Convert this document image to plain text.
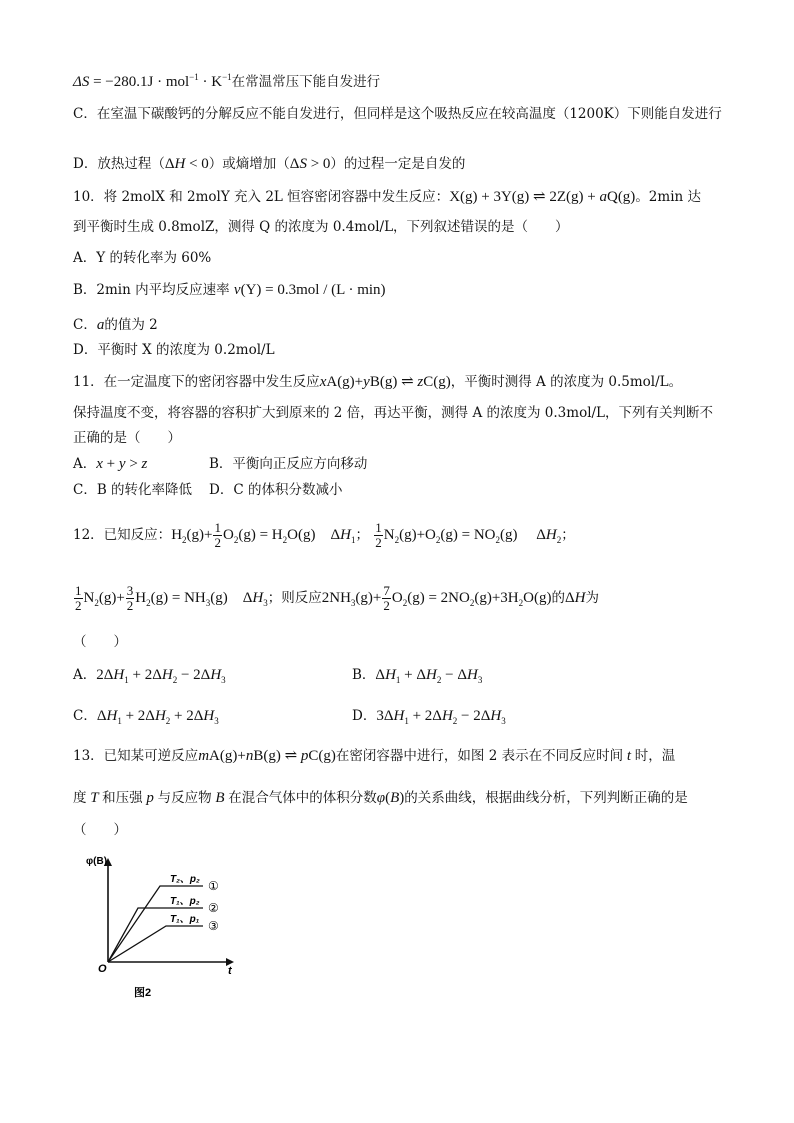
$\Delta S = -280.1J \cdot mol^{-1} \cdot K^{-1}$在常温常压下能自发进行
C．在室温下碳酸钙的分解反应不能自发进行，但同样是这个吸热反应在较高温度（1200K）下则能自发进行
D．放热过程（ΔH < 0）或熵增加（ΔS > 0）的过程一定是自发的
10．将 2molX 和 2molY 充入 2L 恒容密闭容器中发生反应：X(g) + 3Y(g) ⇌ 2Z(g) + aQ(g)。2min 达
到平衡时生成 0.8molZ，测得 Q 的浓度为 0.4mol/L，下列叙述错误的是（　　）
A．Y 的转化率为 60%
B．2min 内平均反应速率 v(Y) = 0.3mol / (L · min)
C．a的值为 2
D．平衡时 X 的浓度为 0.2mol/L
11．在一定温度下的密闭容器中发生反应xA(g)+yB(g) ⇌ zC(g)，平衡时测得 A 的浓度为 0.5mol/L。
保持温度不变，将容器的容积扩大到原来的 2 倍，再达平衡，测得 A 的浓度为 0.3mol/L，下列有关判断不
正确的是（　　）
A．x + y > z	B．平衡向正反应方向移动
C．B 的转化率降低 D．C 的体积分数减小
12．已知反应：$H_2(g)+ \frac{1}{2} O_2(g) = H_2O(g)$    $\Delta H_1$； $\frac{1}{2} N_2(g)+O_2(g) = NO_2(g)$     $\Delta H_2$；
$\frac{1}{2} N_2(g)+ \frac{3}{2} H_2(g) = NH_3(g)$    $\Delta H_3$；则反应$2NH_3(g)+ \frac{7}{2} O_2(g) = 2NO_2(g)+3H_2O(g)$的ΔH为
（　　）
A．$2\Delta H_1 + 2\Delta H_2 - 2\Delta H_3$	B．$\Delta H_1 + \Delta H_2 - \Delta H_3$
C．$\Delta H_1 + 2\Delta H_2 + 2\Delta H_3$	D．$3\Delta H_1 + 2\Delta H_2 - 2\Delta H_3$
13．已知某可逆反应mA(g)+nB(g) ⇌ pC(g)在密闭容器中进行，如图 2 表示在不同反应时间 t 时，温
度 T 和压强 p 与反应物 B 在混合气体中的体积分数φ(B)的关系曲线，根据曲线分析，下列判断正确的是
（　　）
φ(B)
t
O
T₂、p₂ ①
T₁、p₂ ②
T₁、p₁ ③
图2
